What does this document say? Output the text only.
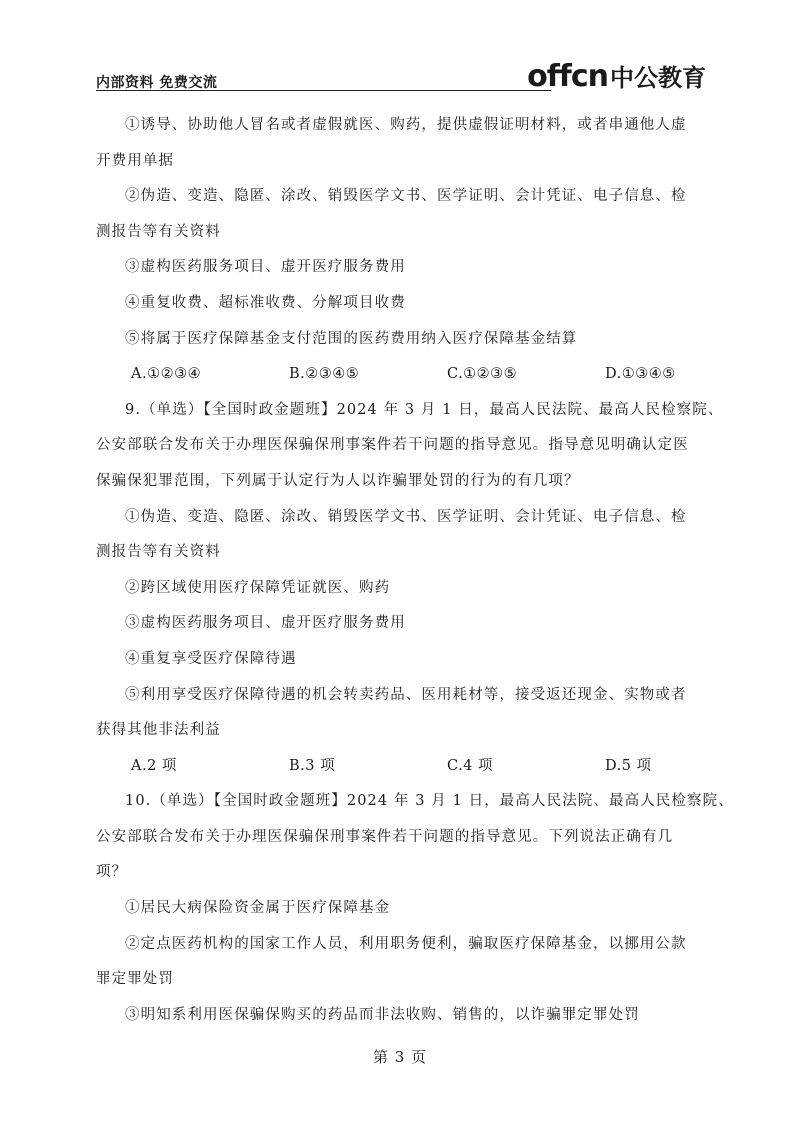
内部资料 免费交流	offcn 中公教育
①诱导、协助他人冒名或者虚假就医、购药，提供虚假证明材料，或者串通他人虚
开费用单据
②伪造、变造、隐匿、涂改、销毁医学文书、医学证明、会计凭证、电子信息、检
测报告等有关资料
③虚构医药服务项目、虚开医疗服务费用
④重复收费、超标准收费、分解项目收费
⑤将属于医疗保障基金支付范围的医药费用纳入医疗保障基金结算
A.①②③④	B.②③④⑤	C.①②③⑤	D.①③④⑤
9.（单选）【全国时政金题班】2024 年 3 月 1 日，最高人民法院、最高人民检察院、
公安部联合发布关于办理医保骗保刑事案件若干问题的指导意见。指导意见明确认定医
保骗保犯罪范围，下列属于认定行为人以诈骗罪处罚的行为的有几项？
①伪造、变造、隐匿、涂改、销毁医学文书、医学证明、会计凭证、电子信息、检
测报告等有关资料
②跨区域使用医疗保障凭证就医、购药
③虚构医药服务项目、虚开医疗服务费用
④重复享受医疗保障待遇
⑤利用享受医疗保障待遇的机会转卖药品、医用耗材等，接受返还现金、实物或者
获得其他非法利益
A.2 项	B.3 项	C.4 项	D.5 项
10.（单选）【全国时政金题班】2024 年 3 月 1 日，最高人民法院、最高人民检察院、
公安部联合发布关于办理医保骗保刑事案件若干问题的指导意见。下列说法正确有几
项？
①居民大病保险资金属于医疗保障基金
②定点医药机构的国家工作人员，利用职务便利，骗取医疗保障基金，以挪用公款
罪定罪处罚
③明知系利用医保骗保购买的药品而非法收购、销售的，以诈骗罪定罪处罚
第 3 页
